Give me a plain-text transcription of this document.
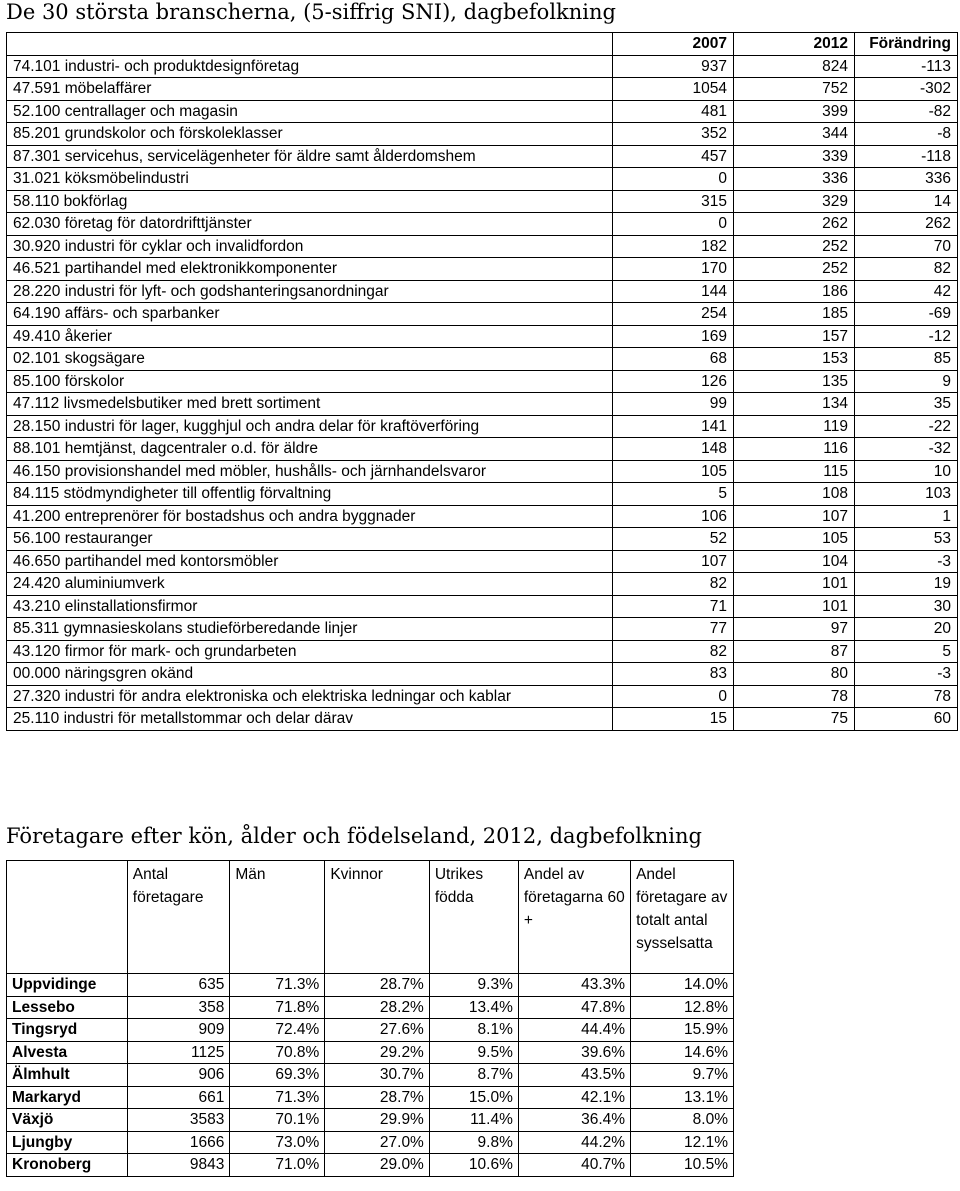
De 30 största branscherna, (5-siffrig SNI), dagbefolkning
	2007	2012	Förändring
74.101 industri- och produktdesignföretag	937	824	-113
47.591 möbelaffärer	1054	752	-302
52.100 centrallager och magasin	481	399	-82
85.201 grundskolor och förskoleklasser	352	344	-8
87.301 servicehus, servicelägenheter för äldre samt ålderdomshem	457	339	-118
31.021 köksmöbelindustri	0	336	336
58.110 bokförlag	315	329	14
62.030 företag för datordrifttjänster	0	262	262
30.920 industri för cyklar och invalidfordon	182	252	70
46.521 partihandel med elektronikkomponenter	170	252	82
28.220 industri för lyft- och godshanteringsanordningar	144	186	42
64.190 affärs- och sparbanker	254	185	-69
49.410 åkerier	169	157	-12
02.101 skogsägare	68	153	85
85.100 förskolor	126	135	9
47.112 livsmedelsbutiker med brett sortiment	99	134	35
28.150 industri för lager, kugghjul och andra delar för kraftöverföring	141	119	-22
88.101 hemtjänst, dagcentraler o.d. för äldre	148	116	-32
46.150 provisionshandel med möbler, hushålls- och järnhandelsvaror	105	115	10
84.115 stödmyndigheter till offentlig förvaltning	5	108	103
41.200 entreprenörer för bostadshus och andra byggnader	106	107	1
56.100 restauranger	52	105	53
46.650 partihandel med kontorsmöbler	107	104	-3
24.420 aluminiumverk	82	101	19
43.210 elinstallationsfirmor	71	101	30
85.311 gymnasieskolans studieförberedande linjer	77	97	20
43.120 firmor för mark- och grundarbeten	82	87	5
00.000 näringsgren okänd	83	80	-3
27.320 industri för andra elektroniska och elektriska ledningar och kablar	0	78	78
25.110 industri för metallstommar och delar därav	15	75	60
Företagare efter kön, ålder och födelseland, 2012, dagbefolkning
	Antal företagare	Män	Kvinnor	Utrikes födda	Andel av företagarna 60 +	Andel företagare av totalt antal sysselsatta
Uppvidinge	635	71.3%	28.7%	9.3%	43.3%	14.0%
Lessebo	358	71.8%	28.2%	13.4%	47.8%	12.8%
Tingsryd	909	72.4%	27.6%	8.1%	44.4%	15.9%
Alvesta	1125	70.8%	29.2%	9.5%	39.6%	14.6%
Älmhult	906	69.3%	30.7%	8.7%	43.5%	9.7%
Markaryd	661	71.3%	28.7%	15.0%	42.1%	13.1%
Växjö	3583	70.1%	29.9%	11.4%	36.4%	8.0%
Ljungby	1666	73.0%	27.0%	9.8%	44.2%	12.1%
Kronoberg	9843	71.0%	29.0%	10.6%	40.7%	10.5%
